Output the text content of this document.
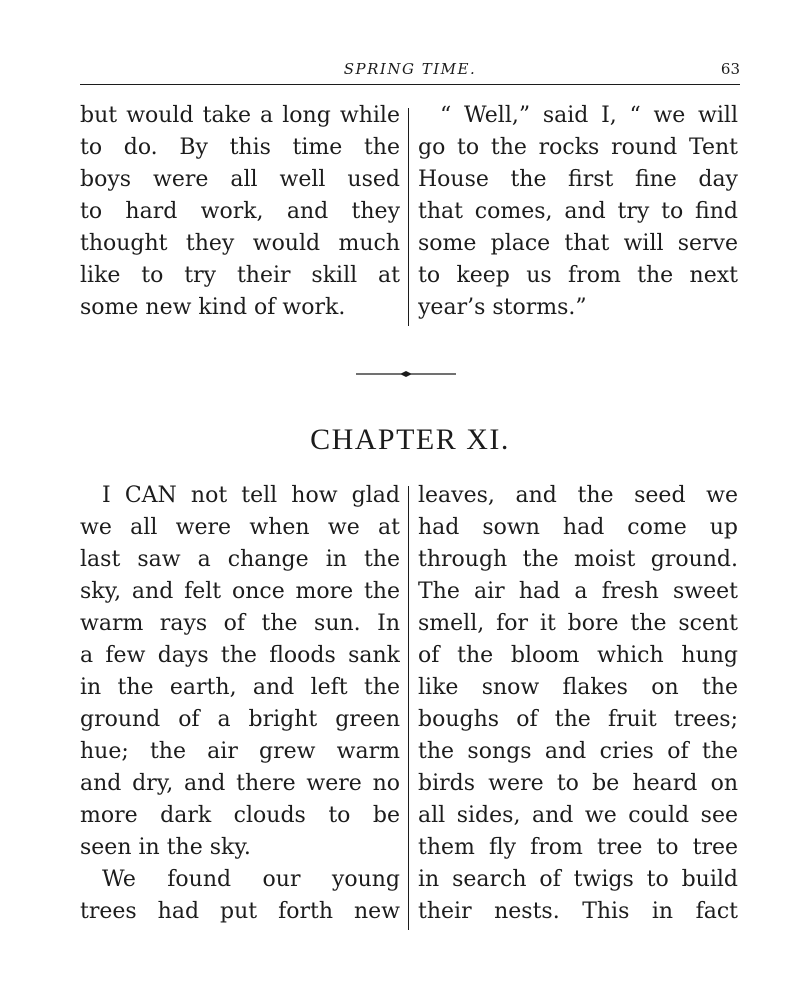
SPRING TIME.	63
but would take a long while
to do. By this time the
boys were all well used
to hard work, and they
thought they would much
like to try their skill at
some new kind of work.
“ Well,” said I, “ we will
go to the rocks round Tent
House the first fine day
that comes, and try to find
some place that will serve
to keep us from the next
year’s storms.”
CHAPTER XI.
I CAN not tell how glad
we all were when we at
last saw a change in the
sky, and felt once more the
warm rays of the sun. In
a few days the floods sank
in the earth, and left the
ground of a bright green
hue; the air grew warm
and dry, and there were no
more dark clouds to be
seen in the sky.
We found our young
trees had put forth new
leaves, and the seed we
had sown had come up
through the moist ground.
The air had a fresh sweet
smell, for it bore the scent
of the bloom which hung
like snow flakes on the
boughs of the fruit trees;
the songs and cries of the
birds were to be heard on
all sides, and we could see
them fly from tree to tree
in search of twigs to build
their nests. This in fact
